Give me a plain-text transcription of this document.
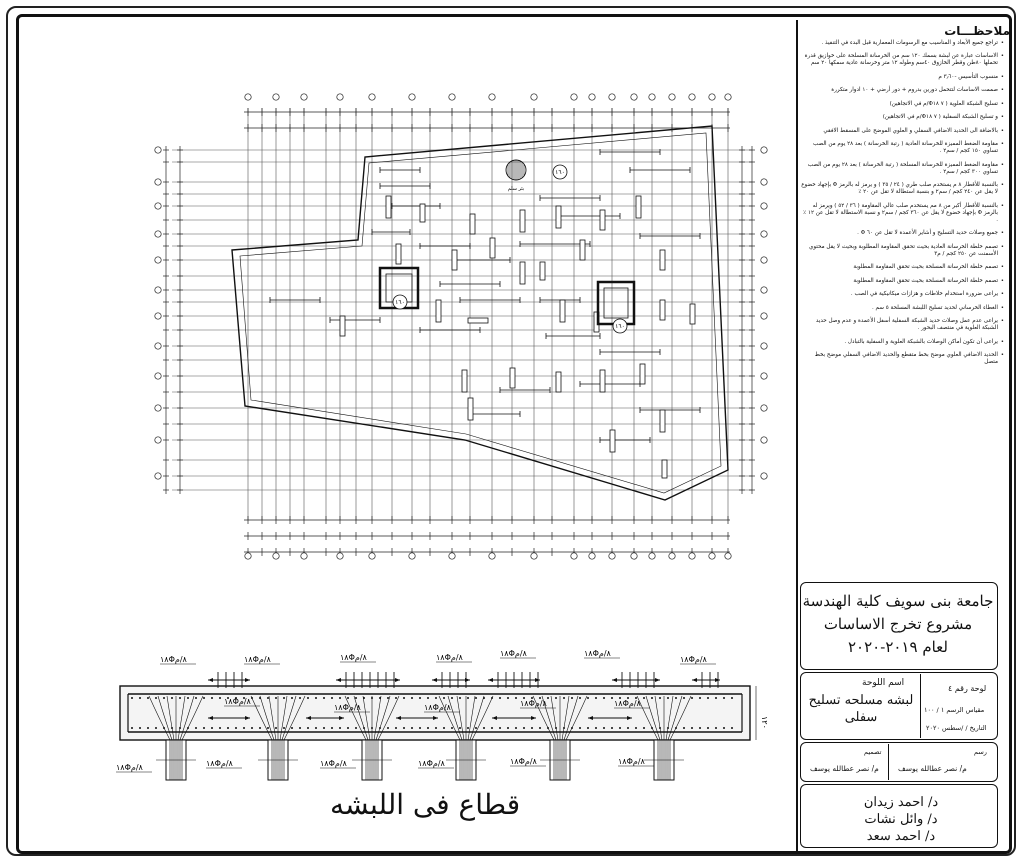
ملاحظـــات
• تراجع جميع الأبعاد و المناسيب مع الرسومات المعمارية قبل البدء في التنفيذ .
• الاساسات عبارة عن لبشة بسمك ١٢٠ سم من الخرسانة المسلحة على خوازيق قدرة تحملها ٨٠طن وقطر الخازوق ٤٠سم وطوله ١٢ متر وخرسانة عادية سمكها ٢٠ سم
• منسوب التأسيس -٣٫٦٠ م
• صممت الاساسات لتتحمل دورين بدروم + دور أرضي + ١٠ ادوار متكررة
• تسليح الشبكة العلوية ( ٧ Φ١٨/م في الاتجاهين)
• و تسليح الشبكة السفلية ( ٧ Φ١٨/م في الاتجاهين)
• بالاضافة الى الحديد الاضافي السفلي و العلوي الموضح على المسقط الافقي
• مقاومة الضغط المميزة للخرسانة العادية ( رتبة الخرسانة ) بعد ٢٨ يوم من الصب تساوي ١٥٠ كجم / سم٢ .
• مقاومة الضغط المميزة للخرسانة المسلحة ( رتبة الخرسانة ) بعد ٢٨ يوم من الصب تساوي ٣٠٠ كجم / سم٢ .
• بالنسبة للأقطار ٨ م يستخدم صلب طري ( ٢٤ / ٣٥ ) و يرمز له بالرمز Φ بإجهاد خضوع لا يقل عن ٢٤٠ كجم / سم٢ و بنسبة استطالة لا تقل عن ٢٠ ٪
• بالنسبة للأقطار أكبر من ٨ مم يستخدم صلب عالي المقاومة ( ٣٦ / ٥٢ ) ويرمز له بالرمز Φ بإجهاد خضوع لا يقل عن ٣٦٠ كجم / سم٢ و نسبة الاستطالة لا تقل عن ١٢ ٪ .
• جميع وصلات حديد التسليح و أشاير الأعمدة لا تقل عن ٦٠ Φ .
• تصمم خلطة الخرسانة العادية بحيث تحقق المقاومة المطلوبة وبحيث لا يقل محتوي الأسمنت عن ٢٥٠ كجم / م٣
• تصمم خلطة الخرسانة المسلحة بحيث تحقق المقاومة المطلوبة
• تصمم خلطة الخرسانة المسلحة بحيث تحقق المقاومة المطلوبة
• يراعى ضرورة استخدام خلاطات و هزازات ميكانيكية في الصب .
• الغطاء الخرساني لحديد تسليح اللبشة المسلحة ٥ سم .
• يراعى عدم عمل وصلات حديد الشبكة السفلية أسفل الأعمدة و عدم وصل حديد الشبكة العلوية في منتصف البحور .
• يراعى أن تكون أماكن الوصلات بالشبكة العلوية و السفلية بالتبادل .
• الحديد الاضافي العلوي موضح بخط متقطع والحديد الاضافي السفلي موضح بخط متصل
جامعة بنى سويف كلية الهندسة
مشروع تخرج الاساسات
لعام ٢٠١٩-٢٠٢٠
اسم اللوحة
لبشه مسلحه تسليح سفلى
لوحة رقم ٤
مقياس الرسم ١ / ١٠٠
التاريخ / /سطس ٢٠٢٠
رسم
م/ نصر عطالله يوسف
تصميم
م/ نصر عطالله يوسف
د/ احمد زيدان
د/ وائل نشات
د/ احمد سعد
قطاع فى اللبشه
بئر سلم
١٦٠
١٦٠
١٦٠
١٨Φ٨/م	١٨Φ٨/م	١٨Φ٨/م	١٨Φ٨/م	١٨Φ٨/م	١٨Φ٨/م
١٨Φ٨/م
١٨Φ٨/م
١٨Φ٨/م	١٨Φ٨/م	١٨Φ٨/م	١٨Φ٨/م
١٨Φ٨/م	١٨Φ٨/م	١٨Φ٨/م	١٨Φ٨/م	١٨Φ٨/م
١٨Φ٨/م
١٢٠
